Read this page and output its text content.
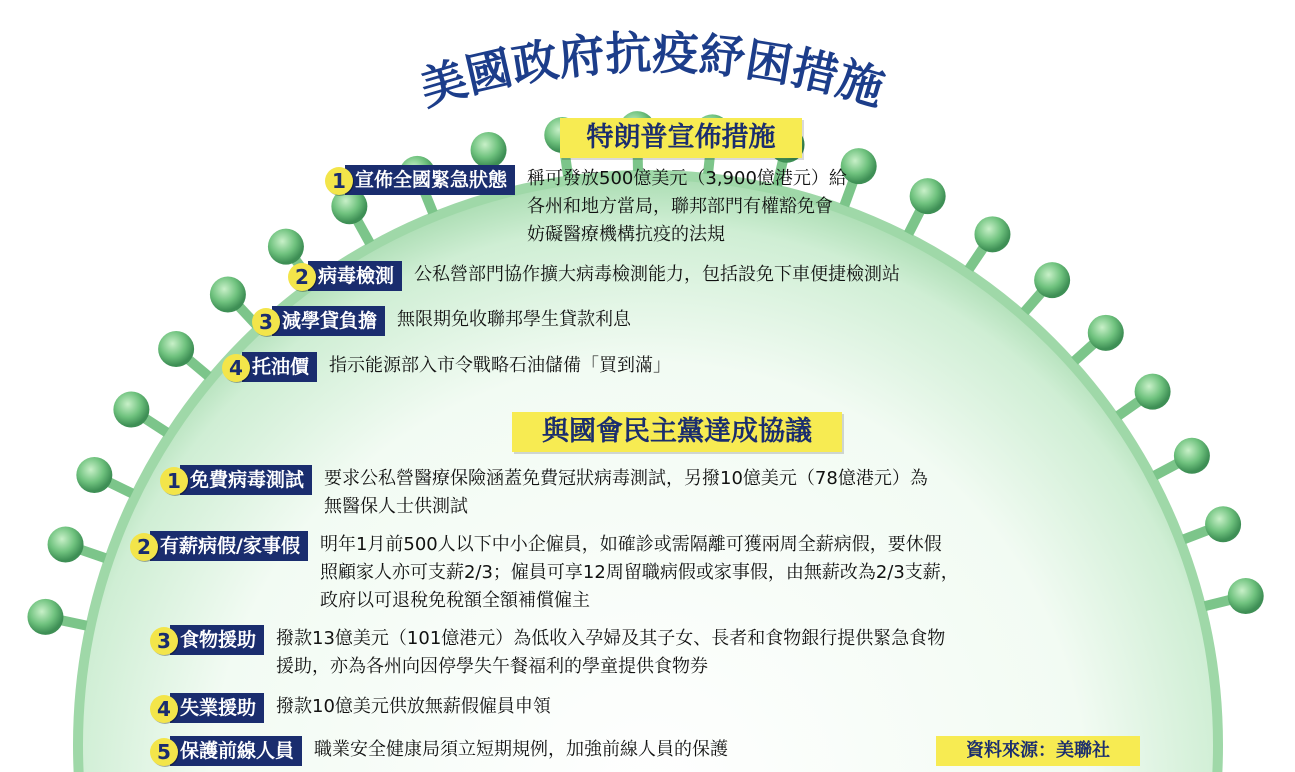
美國政府抗疫紓困措施
特朗普宣佈措施
1 宣佈全國緊急狀態	稱可發放500億美元（3,900億港元）給
各州和地方當局，聯邦部門有權豁免會
妨礙醫療機構抗疫的法規
2 病毒檢測	公私營部門協作擴大病毒檢測能力，包括設免下車便捷檢測站
3 減學貸負擔	無限期免收聯邦學生貸款利息
4 托油價	指示能源部入市令戰略石油儲備「買到滿」
與國會民主黨達成協議
1 免費病毒測試	要求公私營醫療保險涵蓋免費冠狀病毒測試，另撥10億美元（78億港元）為
無醫保人士供測試
2 有薪病假/家事假	明年1月前500人以下中小企僱員，如確診或需隔離可獲兩周全薪病假，要休假
照顧家人亦可支薪2/3；僱員可享12周留職病假或家事假，由無薪改為2/3支薪，
政府以可退稅免稅額全額補償僱主
3 食物援助	撥款13億美元（101億港元）為低收入孕婦及其子女、長者和食物銀行提供緊急食物
援助，亦為各州向因停學失午餐福利的學童提供食物券
4 失業援助	撥款10億美元供放無薪假僱員申領
5 保護前線人員	職業安全健康局須立短期規例，加強前線人員的保護	資料來源：美聯社
